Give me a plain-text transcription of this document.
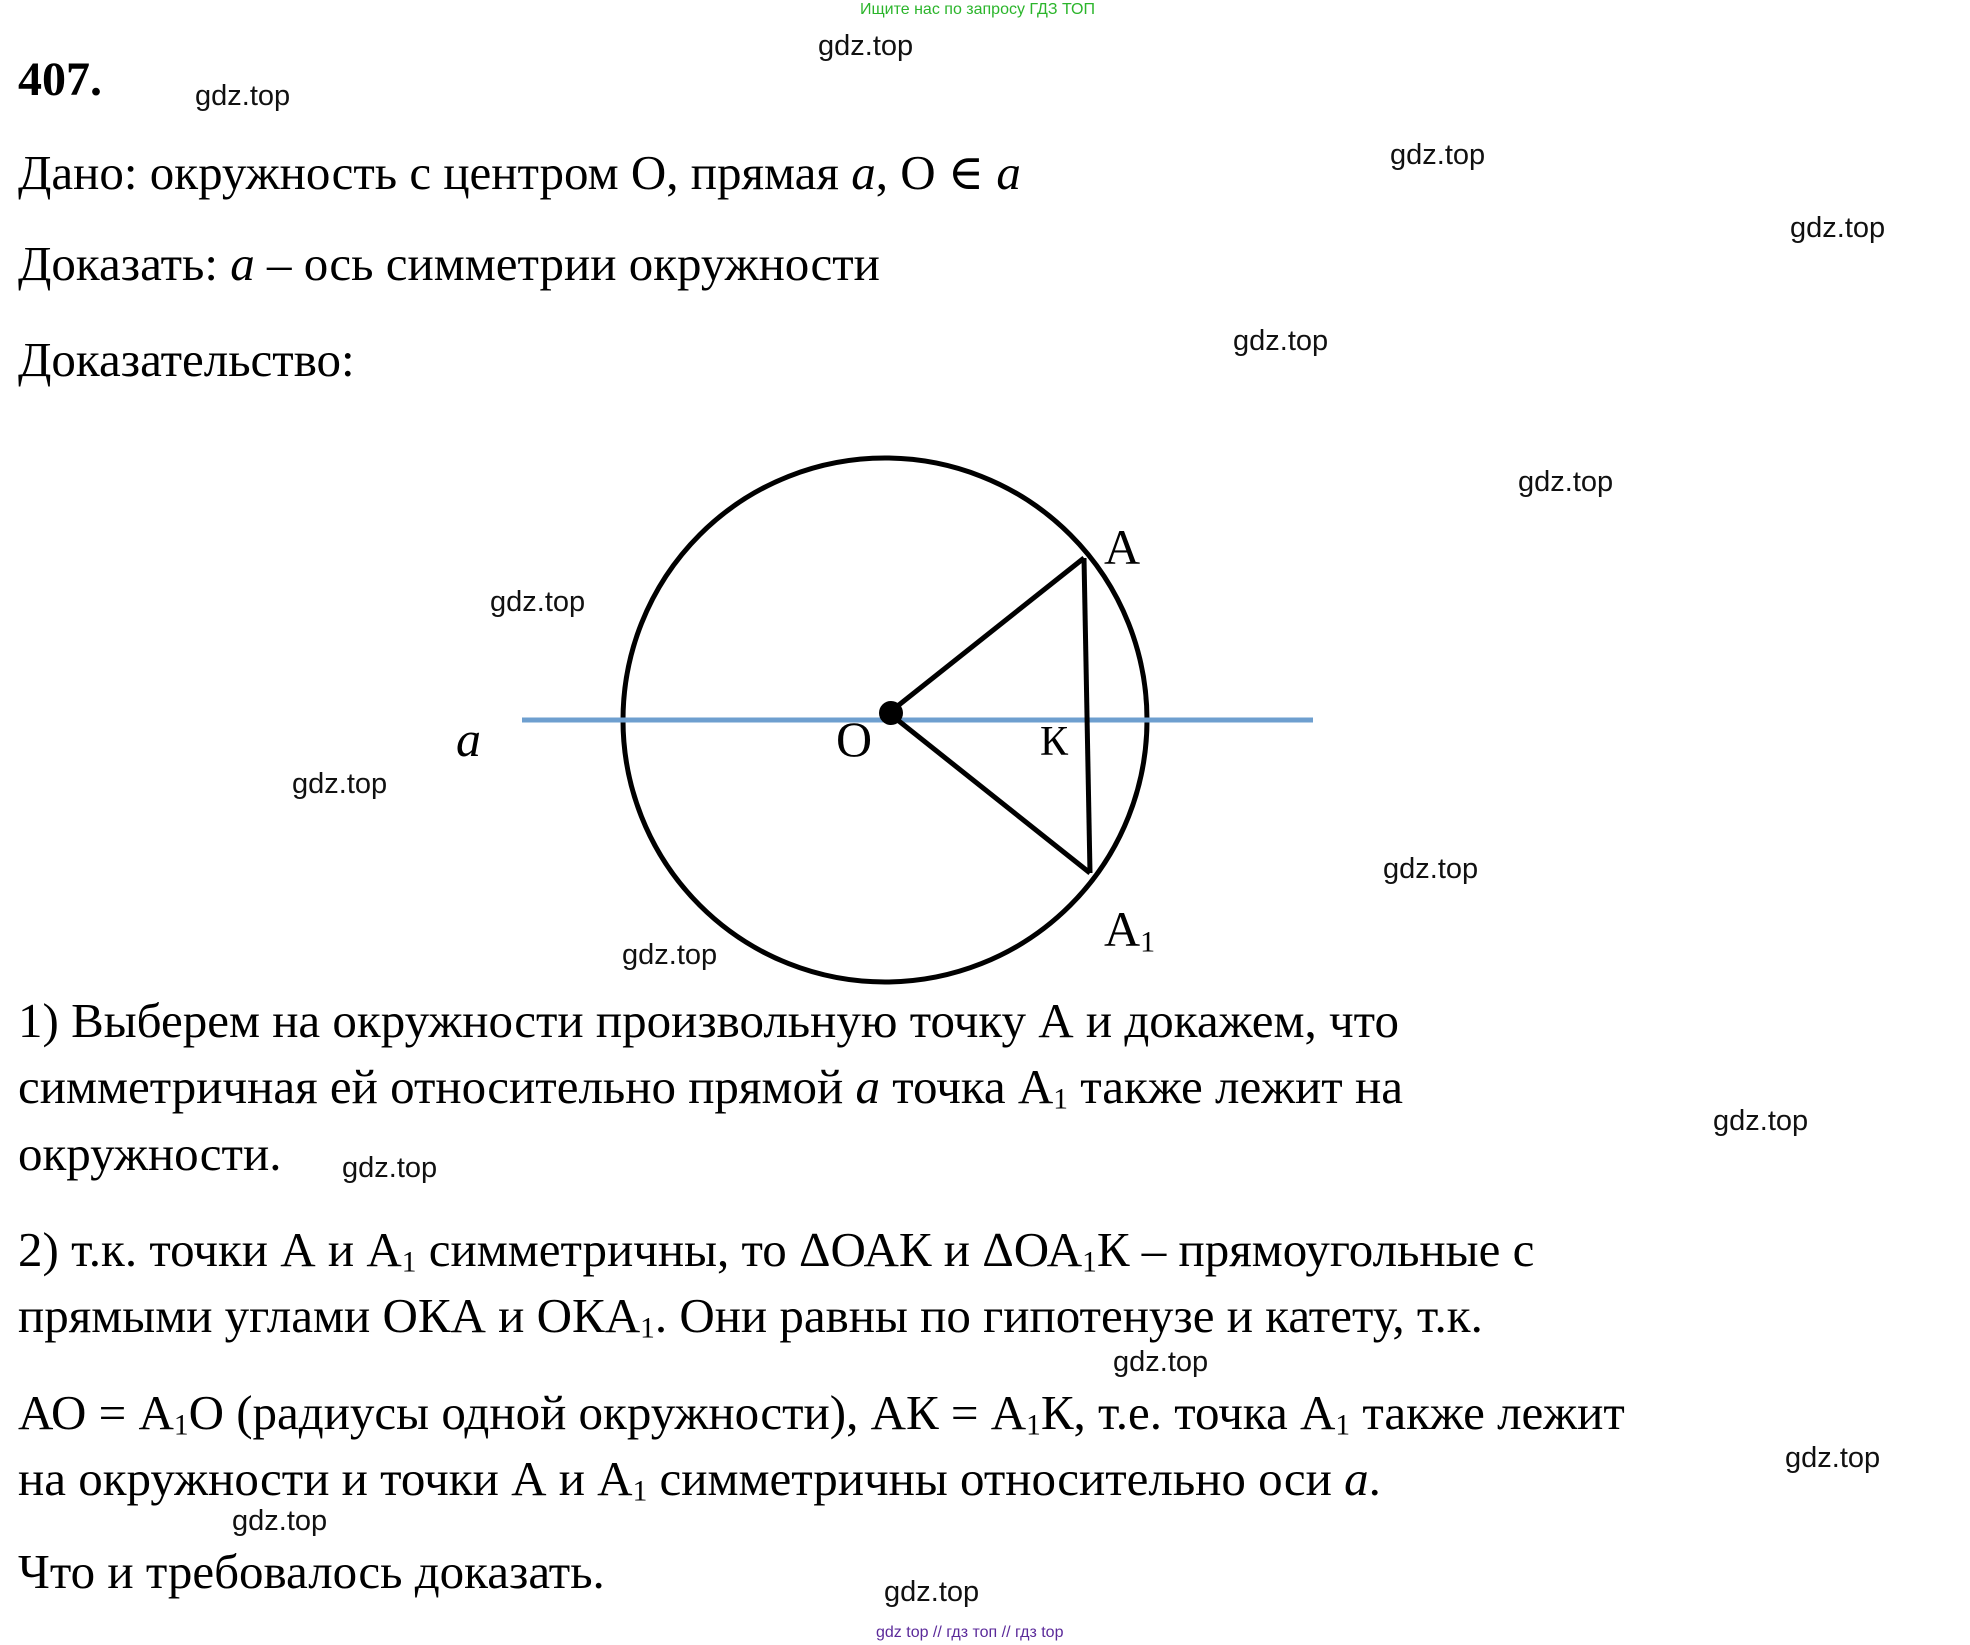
Ищите нас по запросу ГДЗ ТОП
407.
gdz.top
gdz.top
gdz.top
gdz.top
gdz.top
gdz.top
gdz.top
gdz.top
gdz.top
gdz.top
gdz.top
gdz.top
gdz.top
gdz.top
gdz.top
gdz.top
Дано: окружность с центром О, прямая a, О ∈ a
Доказать: a – ось симметрии окружности
Доказательство:
a	О
А
$А_1$
К
1) Выберем на окружности произвольную точку А и докажем, что
симметричная ей относительно прямой a точка $А_1$ также лежит на
окружности.
2) т.к. точки А и $А_1$ симметричны, то ΔОАК и $\Delta ОА_1К$ – прямоугольные с
прямыми углами ОКА и $ОКА_1$. Они равны по гипотенузе и катету, т.к.
АО = $А_1О$ (радиусы одной окружности), АК = $А_1К$, т.е. точка $А_1$ также лежит
на окружности и точки А и $А_1$ симметричны относительно оси a.
Что и требовалось доказать.
gdz top // гдз топ // гдз top
